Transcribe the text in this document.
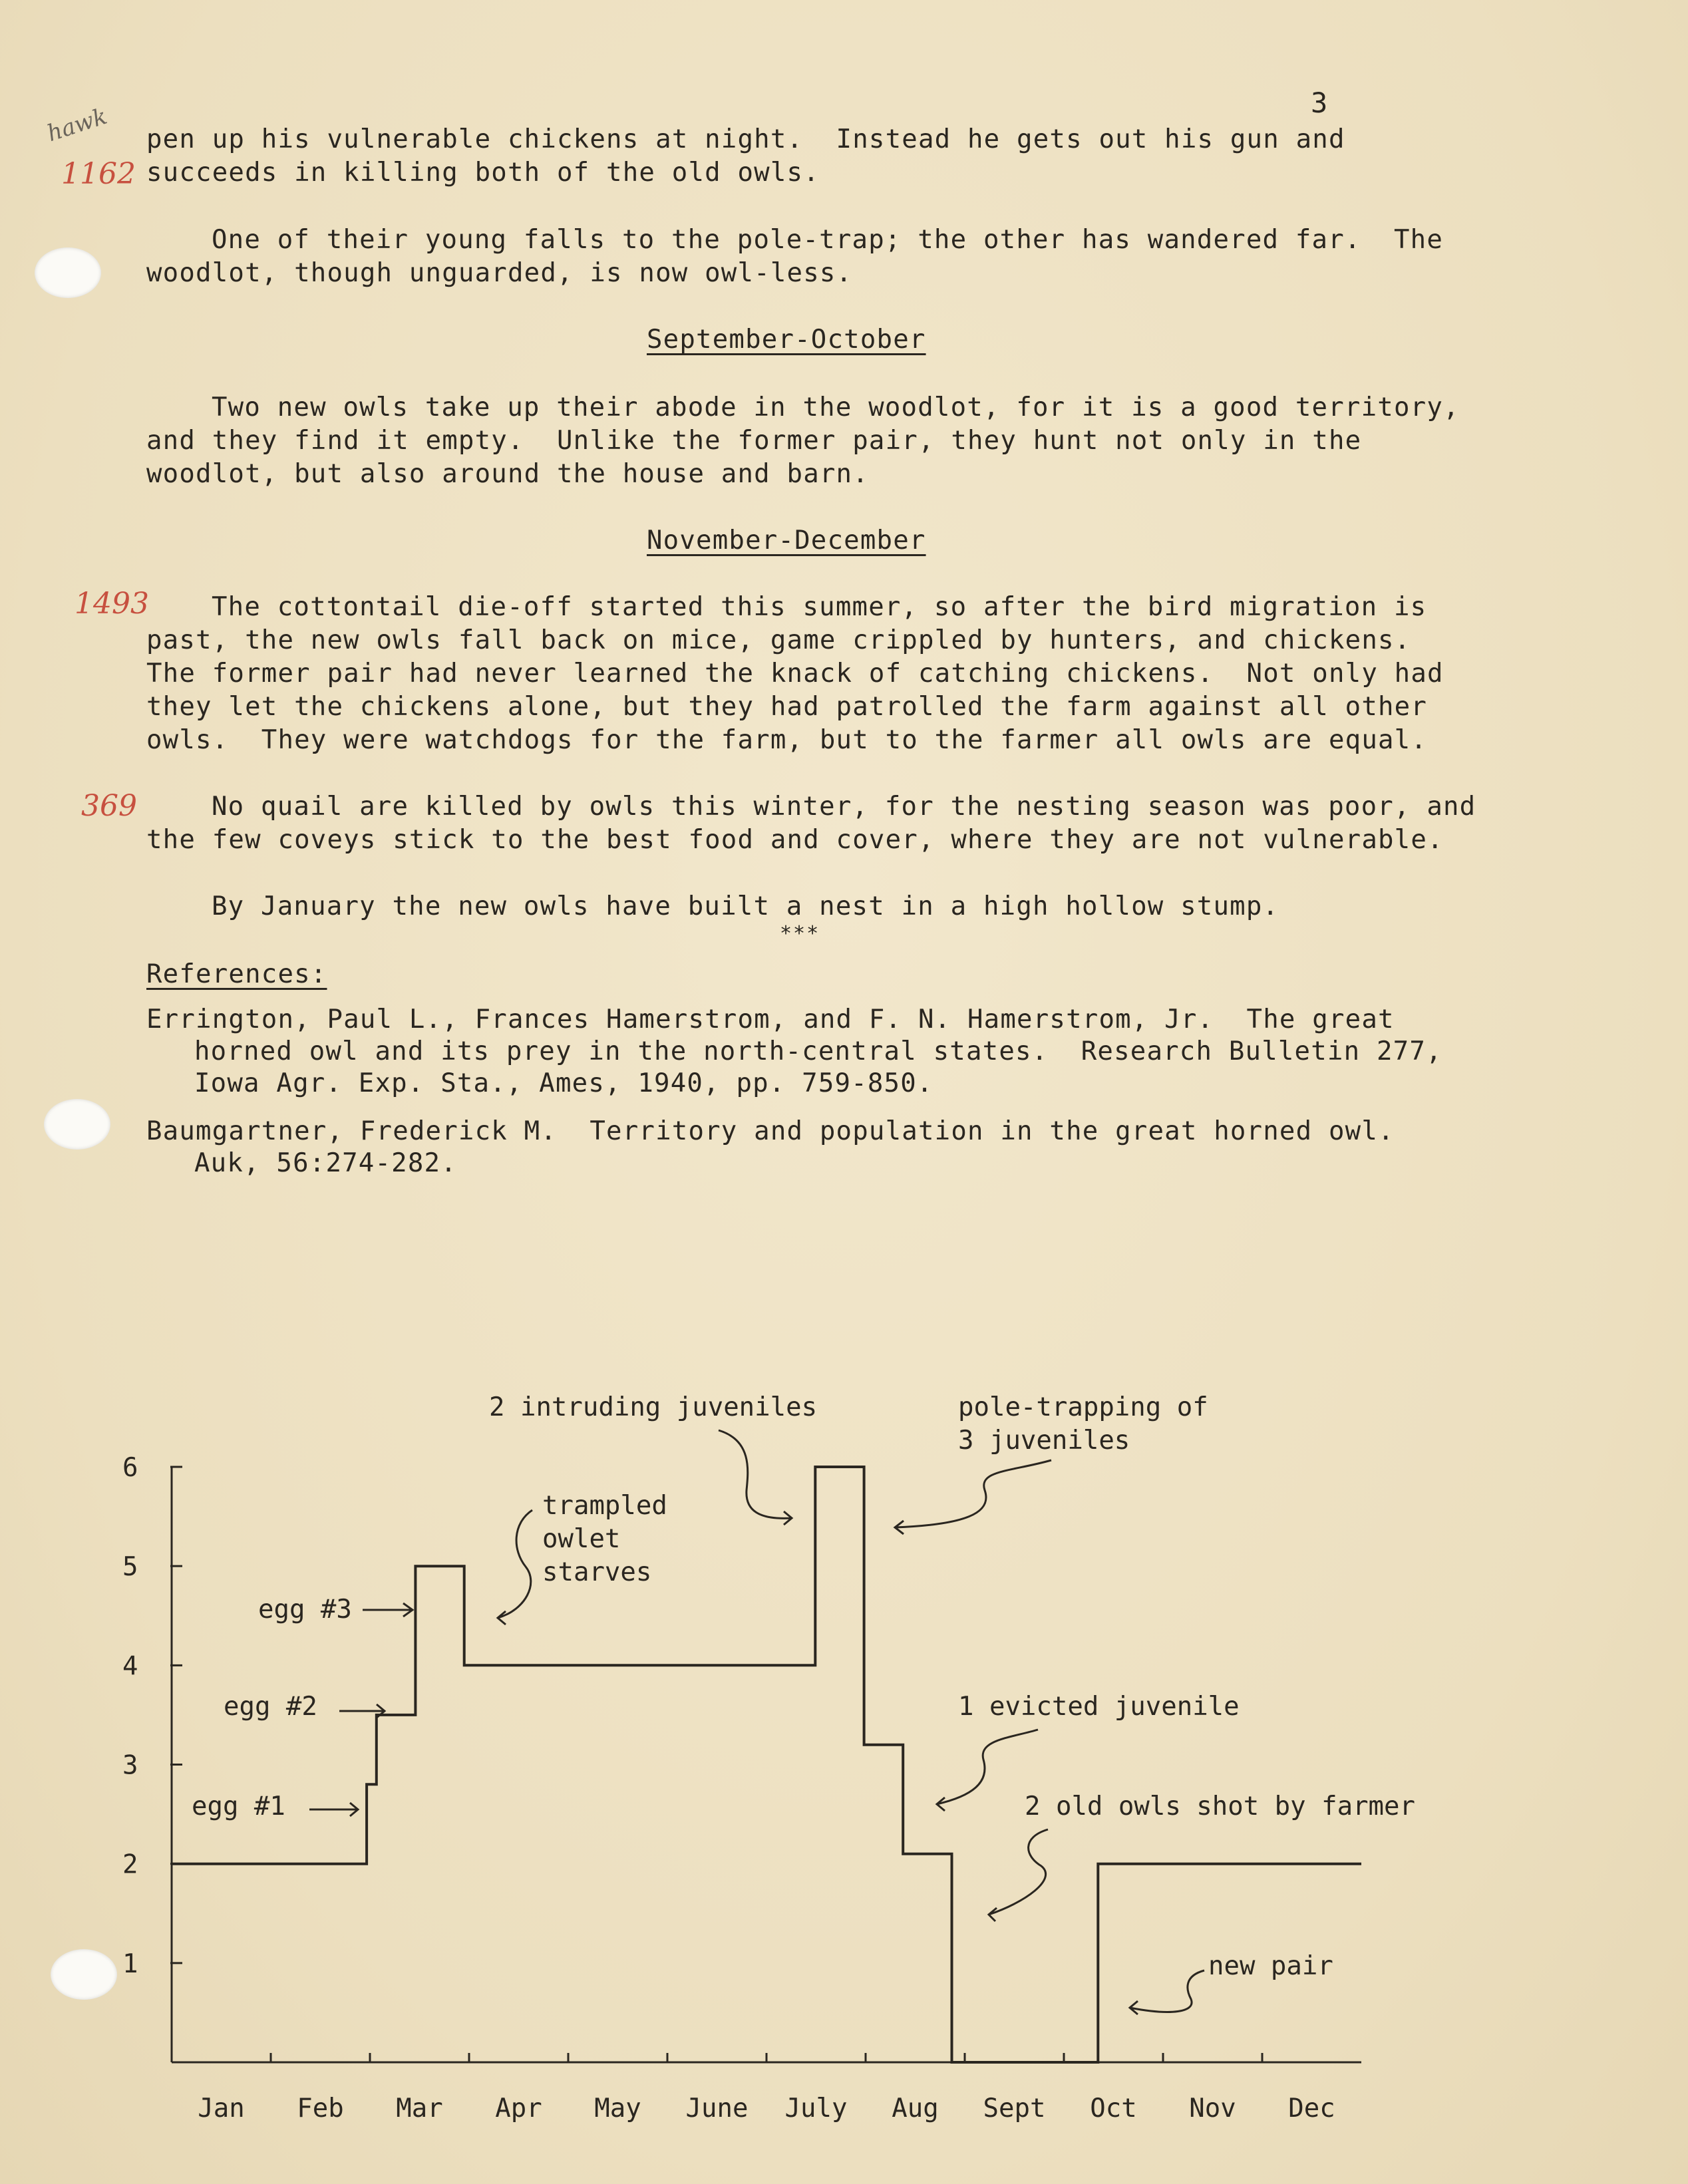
3
hawk
1162
1493
369
pen up his vulnerable chickens at night.  Instead he gets out his gun and
succeeds in killing both of the old owls.
One of their young falls to the pole-trap; the other has wandered far.  The
woodlot, though unguarded, is now owl-less.
September-October
Two new owls take up their abode in the woodlot, for it is a good territory,
and they find it empty.  Unlike the former pair, they hunt not only in the
woodlot, but also around the house and barn.
November-December
The cottontail die-off started this summer, so after the bird migration is
past, the new owls fall back on mice, game crippled by hunters, and chickens.
The former pair had never learned the knack of catching chickens.  Not only had
they let the chickens alone, but they had patrolled the farm against all other
owls.  They were watchdogs for the farm, but to the farmer all owls are equal.
No quail are killed by owls this winter, for the nesting season was poor, and
the few coveys stick to the best food and cover, where they are not vulnerable.
By January the new owls have built a nest in a high hollow stump.
***
References:
Errington, Paul L., Frances Hamerstrom, and F. N. Hamerstrom, Jr.  The great
horned owl and its prey in the north-central states.  Research Bulletin 277,
Iowa Agr. Exp. Sta., Ames, 1940, pp. 759-850.
Baumgartner, Frederick M.  Territory and population in the great horned owl.
Auk, 56:274-282.
1
2
3
4
5
6
Jan Feb Mar Apr May June July Aug Sept Oct Nov Dec
2 intruding juveniles	pole-trapping of
3 juveniles
trampled
owlet
starves
egg #3
egg #2
egg #1
1 evicted juvenile
2 old owls shot by farmer
new pair
